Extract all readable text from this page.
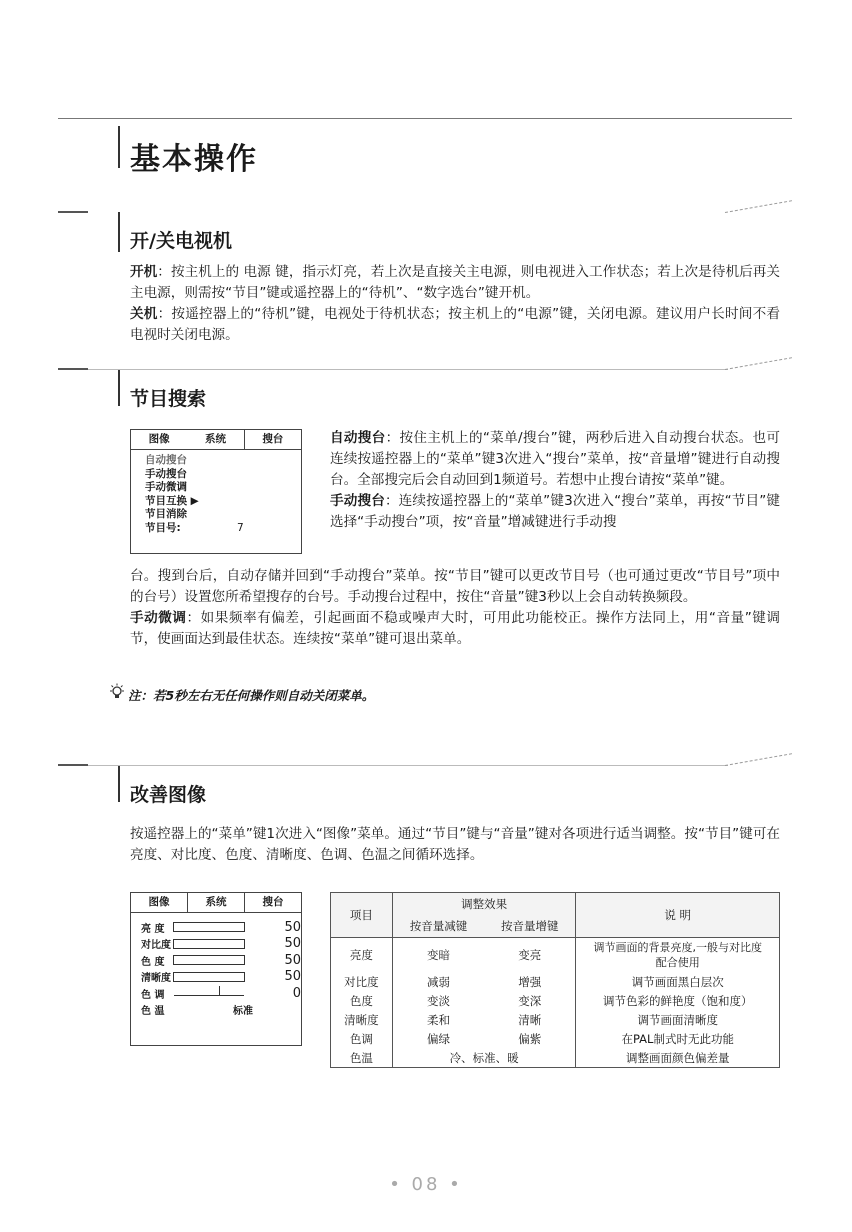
基本操作
开/关电视机
开机：按主机上的 电源 键，指示灯亮，若上次是直接关主电源，则电视进入工作状态；若上次是待机后再关主电源，则需按“节目”键或遥控器上的“待机”、“数字选台”键开机。
关机：按遥控器上的“待机”键，电视处于待机状态；按主机上的“电源”键，关闭电源。建议用户长时间不看电视时关闭电源。
节目搜索
图像	系统	搜台
自动搜台
手动搜台
手动微调
节目互换 ▶
节目消除
节目号:	7
自动搜台：按住主机上的“菜单/搜台”键，两秒后进入自动搜台状态。也可连续按遥控器上的“菜单”键3次进入“搜台”菜单，按“音量增”键进行自动搜台。全部搜完后会自动回到1频道号。若想中止搜台请按“菜单”键。
手动搜台：连续按遥控器上的“菜单”键3次进入“搜台”菜单，再按“节目”键选择“手动搜台”项，按“音量”增减键进行手动搜
台。搜到台后，自动存储并回到“手动搜台”菜单。按“节目”键可以更改节目号（也可通过更改“节目号”项中的台号）设置您所希望搜存的台号。手动搜台过程中，按住“音量”键3秒以上会自动转换频段。
手动微调：如果频率有偏差，引起画面不稳或噪声大时，可用此功能校正。操作方法同上，用“音量”键调节，使画面达到最佳状态。连续按“菜单”键可退出菜单。
注：若5秒左右无任何操作则自动关闭菜单。
改善图像
按遥控器上的“菜单”键1次进入“图像”菜单。通过“节目”键与“音量”键对各项进行适当调整。按“节目”键可在亮度、对比度、色度、清晰度、色调、色温之间循环选择。
图像	系统	搜台
亮 度	50
对比度	50
色 度	50
清晰度	50
色 调	0
色 温	标准
项目	调整效果		说 明
	按音量减键	按音量增键	
亮度	变暗	变亮	调节画面的背景亮度,一般与对比度配合使用
对比度	减弱	增强	调节画面黑白层次
色度	变淡	变深	调节色彩的鲜艳度（饱和度）
清晰度	柔和	清晰	调节画面清晰度
色调	偏绿	偏紫	在PAL制式时无此功能
色温	冷、标准、暖		调整画面颜色偏差量
• 08 •
